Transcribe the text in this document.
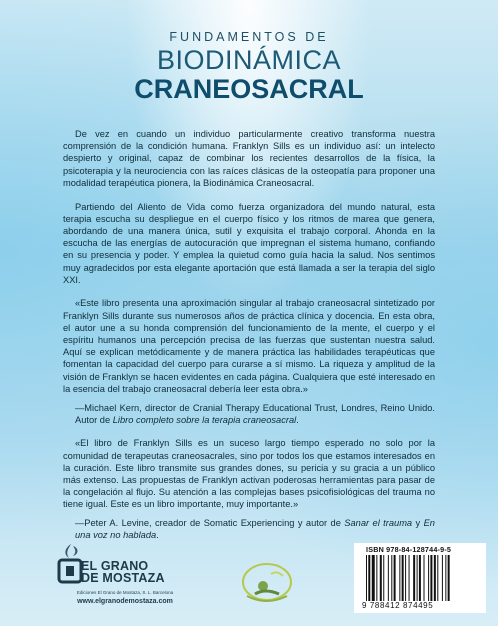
FUNDAMENTOS DE
BIODINÁMICA
CRANEOSACRAL

De vez en cuando un individuo particularmente creativo transforma nuestra comprensión de la condición humana. Franklyn Sills es un individuo así: un intelecto despierto y original, capaz de combinar los recientes desarrollos de la física, la psicoterapia y la neurociencia con las raíces clásicas de la osteopatía para proponer una modalidad terapéutica pionera, la Biodinámica Craneosacral.

Partiendo del Aliento de Vida como fuerza organizadora del mundo natural, esta terapia escucha su despliegue en el cuerpo físico y los ritmos de marea que genera, abordando de una manera única, sutil y exquisita el trabajo corporal. Ahonda en la escucha de las energías de autocuración que impregnan el sistema humano, confiando en su presencia y poder. Y emplea la quietud como guía hacia la salud. Nos sentimos muy agradecidos por esta elegante aportación que está llamada a ser la terapia del siglo XXI.

«Este libro presenta una aproximación singular al trabajo craneosacral sintetizado por Franklyn Sills durante sus numerosos años de práctica clínica y docencia. En esta obra, el autor une a su honda comprensión del funcionamiento de la mente, el cuerpo y el espíritu humanos una percepción precisa de las fuerzas que sustentan nuestra salud. Aquí se explican metódicamente y de manera práctica las habilidades terapéuticas que fomentan la capacidad del cuerpo para curarse a sí mismo. La riqueza y amplitud de la visión de Franklyn se hacen evidentes en cada página. Cualquiera que esté interesado en la esencia del trabajo craneosacral debería leer esta obra.»

—Michael Kern, director de Cranial Therapy Educational Trust, Londres, Reino Unido. Autor de Libro completo sobre la terapia craneosacral.

«El libro de Franklyn Sills es un suceso largo tiempo esperado no solo por la comunidad de terapeutas craneosacrales, sino por todos los que estamos interesados en la curación. Este libro transmite sus grandes dones, su pericia y su gracia a un público más extenso. Las propuestas de Franklyn activan poderosas herramientas para pasar de la congelación al flujo. Su atención a las complejas bases psicofisiológicas del trauma no tiene igual. Este es un libro importante, muy importante.»

—Peter A. Levine, creador de Somatic Experiencing y autor de Sanar el trauma y En una voz no hablada.

EL GRANO
DE MOSTAZA
Ediciones El Grano de Mostaza, S. L. Barcelona
www.elgranodemostaza.com
ISBN 978-84-128744-9-5
9 788412 874495
